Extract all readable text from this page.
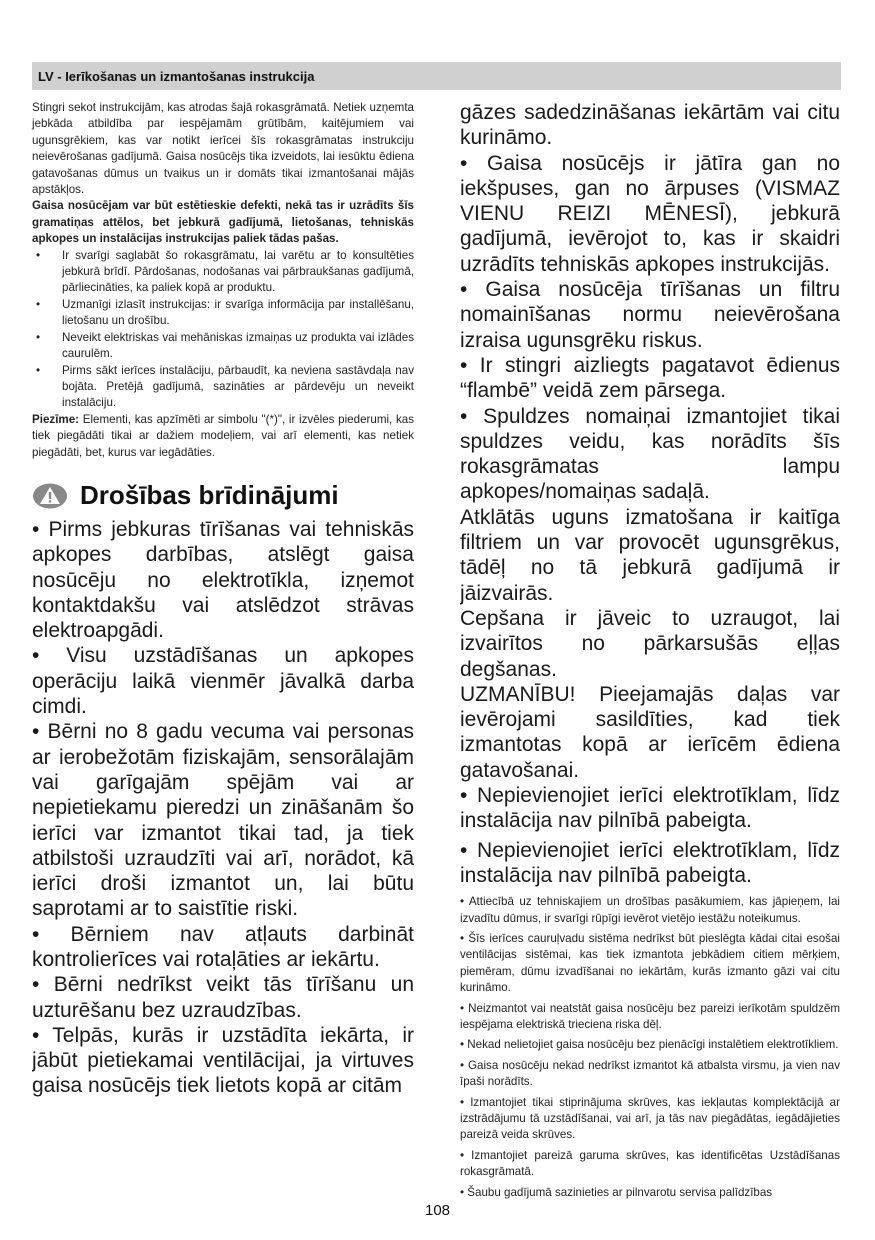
LV - Ierīkošanas un izmantošanas instrukcija

Stingri sekot instrukcijām, kas atrodas šajā rokasgrāmatā. Netiek uzņemta jebkāda atbildība par iespējamām grūtībām, kaitējumiem vai ugunsgrēkiem, kas var notikt ierīcei šīs rokasgrāmatas instrukciju neievērošanas gadījumā. Gaisa nosūcējs tika izveidots, lai iesūktu ēdiena gatavošanas dūmus un tvaikus un ir domāts tikai izmantošanai mājās apstākļos.

Gaisa nosūcējam var būt estētieskie defekti, nekā tas ir uzrādīts šīs gramatiņas attēlos, bet jebkurā gadījumā, lietošanas, tehniskās apkopes un instalācijas instrukcijas paliek tādas pašas.

• Ir svarīgi saglabāt šo rokasgrāmatu, lai varētu ar to konsultēties jebkurā brīdī. Pārdošanas, nodošanas vai pārbraukšanas gadījumā, pārliecināties, ka paliek kopā ar produktu.
• Uzmanīgi izlasīt instrukcijas: ir svarīga informācija par installēšanu, lietošanu un drošību.
• Neveikt elektriskas vai mehāniskas izmaiņas uz produkta vai izlādes caurulēm.
• Pirms sākt ierīces instalāciju, pārbaudīt, ka neviena sastāvdaļa nav bojāta. Pretējā gadījumā, sazināties ar pārdevēju un neveikt instalāciju.

Piezīme: Elementi, kas apzīmēti ar simbolu "(*)", ir izvēles piederumi, kas tiek piegādāti tikai ar dažiem modeļiem, vai arī elementi, kas netiek piegādāti, bet, kurus var iegādāties.

Drošības brīdinājumi

• Pirms jebkuras tīrīšanas vai tehniskās apkopes darbības, atslēgt gaisa nosūcēju no elektrotīkla, izņemot kontaktdakšu vai atslēdzot strāvas elektroapgādi.

• Visu uzstādīšanas un apkopes operāciju laikā vienmēr jāvalkā darba cimdi.

• Bērni no 8 gadu vecuma vai personas ar ierobežotām fiziskajām, sensorālajām vai garīgajām spējām vai ar nepietiekamu pieredzi un zināšanām šo ierīci var izmantot tikai tad, ja tiek atbilstoši uzraudzīti vai arī, norādot, kā ierīci droši izmantot un, lai būtu saprotami ar to saistītie riski.

• Bērniem nav atļauts darbināt kontrolierīces vai rotaļāties ar iekārtu.

• Bērni nedrīkst veikt tās tīrīšanu un uzturēšanu bez uzraudzības.

• Telpās, kurās ir uzstādīta iekārta, ir jābūt pietiekamai ventilācijai, ja virtuves gaisa nosūcējs tiek lietots kopā ar citām

gāzes sadedzināšanas iekārtām vai citu kurināmo.

• Gaisa nosūcējs ir jātīra gan no iekšpuses, gan no ārpuses (VISMAZ VIENU REIZI MĒNESĪ), jebkurā gadījumā, ievērojot to, kas ir skaidri uzrādīts tehniskās apkopes instrukcijās.

• Gaisa nosūcēja tīrīšanas un filtru nomainīšanas normu neievērošana izraisa ugunsgrēku riskus.

• Ir stingri aizliegts pagatavot ēdienus “flambē” veidā zem pārsega.

• Spuldzes nomaiņai izmantojiet tikai spuldzes veidu, kas norādīts šīs rokasgrāmatas lampu apkopes/nomaiņas sadaļā.

Atklātās uguns izmatošana ir kaitīga filtriem un var provocēt ugunsgrēkus, tādēļ no tā jebkurā gadījumā ir jāizvairās.

Cepšana ir jāveic to uzraugot, lai izvairītos no pārkarsušās eļļas degšanas.

UZMANĪBU! Pieejamajās daļas var ievērojami sasildīties, kad tiek izmantotas kopā ar ierīcēm ēdiena gatavošanai.

• Nepievienojiet ierīci elektrotīklam, līdz instalācija nav pilnībā pabeigta.

• Nepievienojiet ierīci elektrotīklam, līdz instalācija nav pilnībā pabeigta.

• Attiecībā uz tehniskajiem un drošības pasākumiem, kas jāpieņem, lai izvadītu dūmus, ir svarīgi rūpīgi ievērot vietējo iestāžu noteikumus.

• Šīs ierīces cauruļvadu sistēma nedrīkst būt pieslēgta kādai citai esošai ventilācijas sistēmai, kas tiek izmantota jebkādiem citiem mērķiem, piemēram, dūmu izvadīšanai no iekārtām, kurās izmanto gāzi vai citu kurināmo.

• Neizmantot vai neatstāt gaisa nosūcēju bez pareizi ierīkotām spuldzēm iespējama elektriskā trieciena riska dēļ.

• Nekad nelietojiet gaisa nosūcēju bez pienācīgi instalētiem elektrotīkliem.

• Gaisa nosūcēju nekad nedrīkst izmantot kā atbalsta virsmu, ja vien nav īpaši norādīts.

• Izmantojiet tikai stiprinājuma skrūves, kas iekļautas komplektācijā ar izstrādājumu tā uzstādīšanai, vai arī, ja tās nav piegādātas, iegādājieties pareizā veida skrūves.

• Izmantojiet pareizā garuma skrūves, kas identificētas Uzstādīšanas rokasgrāmatā.

• Šaubu gadījumā sazinieties ar pilnvarotu servisa palīdzības

108
